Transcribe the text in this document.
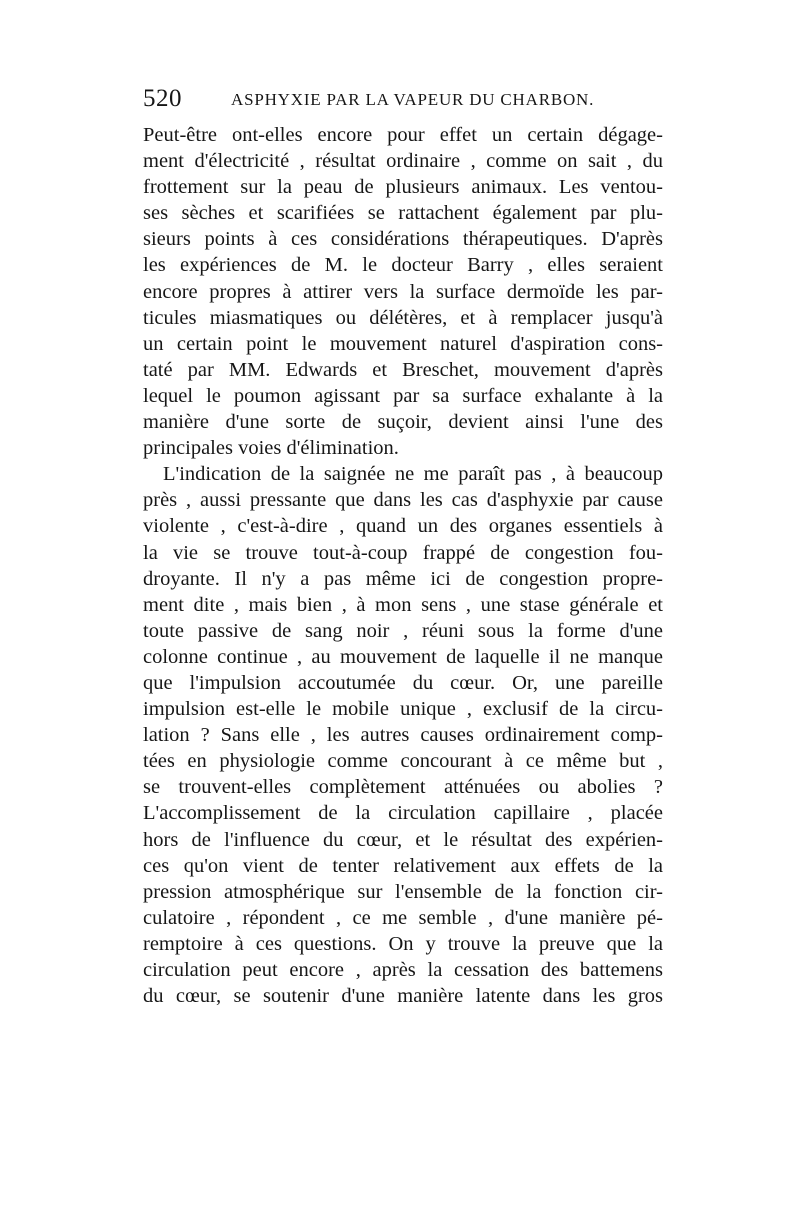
520	ASPHYXIE PAR LA VAPEUR DU CHARBON.
Peut-être ont-elles encore pour effet un certain dégage-
ment d'électricité , résultat ordinaire , comme on sait , du
frottement sur la peau de plusieurs animaux. Les ventou-
ses sèches et scarifiées se rattachent également par plu-
sieurs points à ces considérations thérapeutiques. D'après
les expériences de M. le docteur Barry , elles seraient
encore propres à attirer vers la surface dermoïde les par-
ticules miasmatiques ou délétères, et à remplacer jusqu'à
un certain point le mouvement naturel d'aspiration cons-
taté par MM. Edwards et Breschet, mouvement d'après
lequel le poumon agissant par sa surface exhalante à la
manière d'une sorte de suçoir, devient ainsi l'une des
principales voies d'élimination.
L'indication de la saignée ne me paraît pas , à beaucoup
près , aussi pressante que dans les cas d'asphyxie par cause
violente , c'est-à-dire , quand un des organes essentiels à
la vie se trouve tout-à-coup frappé de congestion fou-
droyante. Il n'y a pas même ici de congestion propre-
ment dite , mais bien , à mon sens , une stase générale et
toute passive de sang noir , réuni sous la forme d'une
colonne continue , au mouvement de laquelle il ne manque
que l'impulsion accoutumée du cœur. Or, une pareille
impulsion est-elle le mobile unique , exclusif de la circu-
lation ? Sans elle , les autres causes ordinairement comp-
tées en physiologie comme concourant à ce même but ,
se trouvent-elles complètement atténuées ou abolies ?
L'accomplissement de la circulation capillaire , placée
hors de l'influence du cœur, et le résultat des expérien-
ces qu'on vient de tenter relativement aux effets de la
pression atmosphérique sur l'ensemble de la fonction cir-
culatoire , répondent , ce me semble , d'une manière pé-
remptoire à ces questions. On y trouve la preuve que la
circulation peut encore , après la cessation des battemens
du cœur, se soutenir d'une manière latente dans les gros
